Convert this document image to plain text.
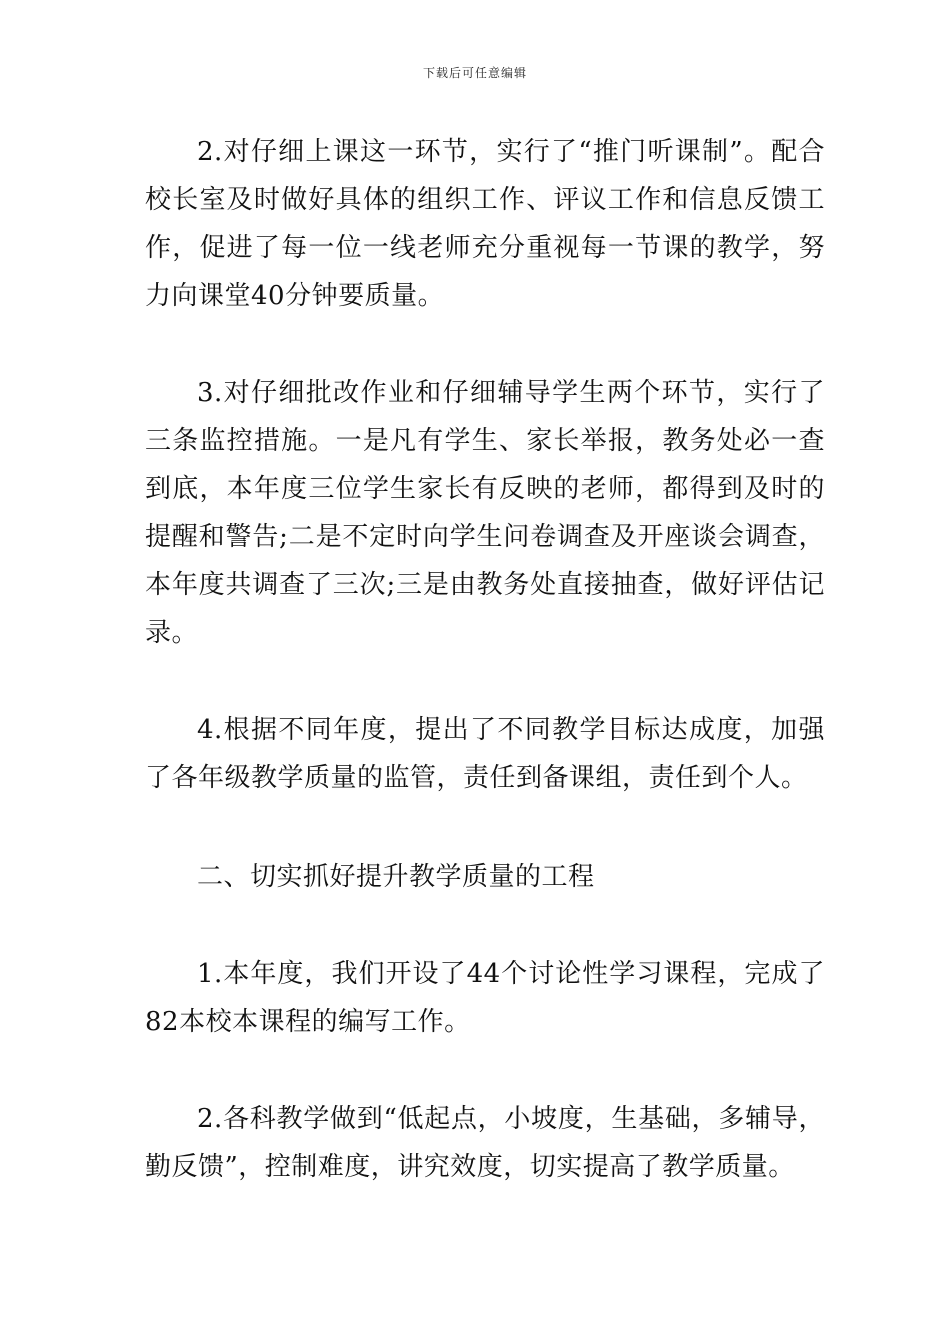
下载后可任意编辑

2.对仔细上课这一环节，实行了“推门听课制”。配合校长室及时做好具体的组织工作、评议工作和信息反馈工作，促进了每一位一线老师充分重视每一节课的教学，努力向课堂40分钟要质量。

3.对仔细批改作业和仔细辅导学生两个环节，实行了三条监控措施。一是凡有学生、家长举报，教务处必一查到底，本年度三位学生家长有反映的老师，都得到及时的提醒和警告;二是不定时向学生问卷调查及开座谈会调查，本年度共调查了三次;三是由教务处直接抽查，做好评估记录。

4.根据不同年度，提出了不同教学目标达成度，加强了各年级教学质量的监管，责任到备课组，责任到个人。

二、切实抓好提升教学质量的工程

1.本年度，我们开设了44个讨论性学习课程，完成了82本校本课程的编写工作。

2.各科教学做到“低起点，小坡度，生基础，多辅导，勤反馈”，控制难度，讲究效度，切实提高了教学质量。
